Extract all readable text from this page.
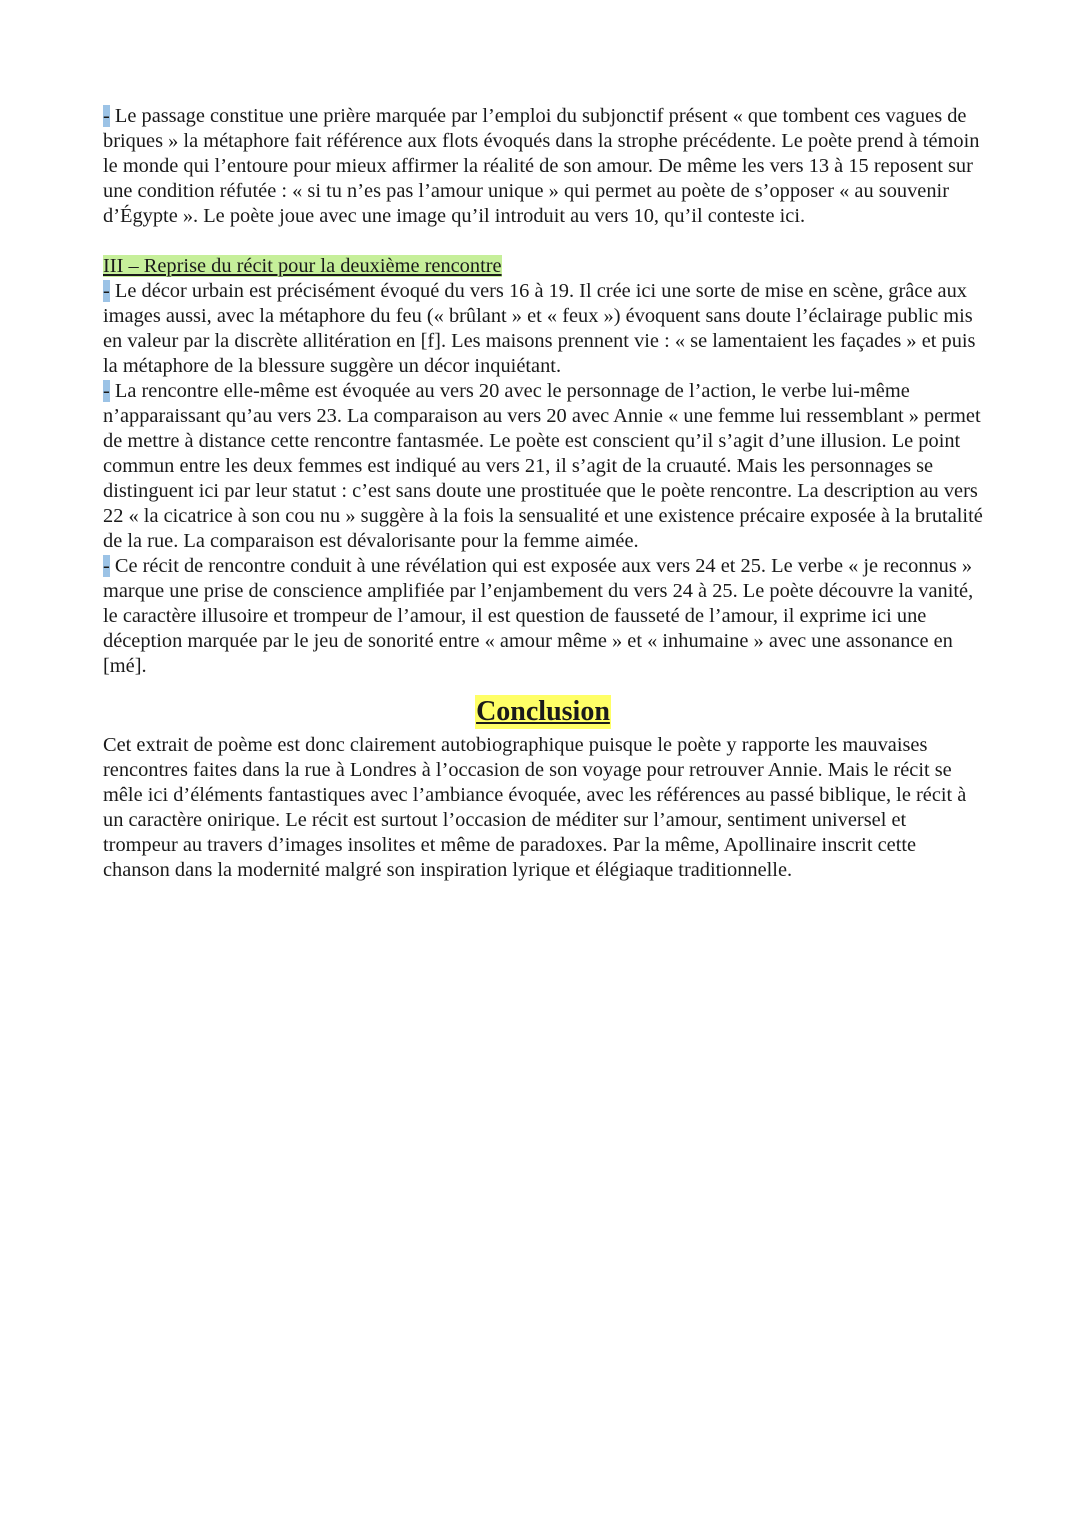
- Le passage constitue une prière marquée par l’emploi du subjonctif présent « que tombent ces vagues de briques » la métaphore fait référence aux flots évoqués dans la strophe précédente. Le poète prend à témoin le monde qui l’entoure pour mieux affirmer la réalité de son amour. De même les vers 13 à 15 reposent sur une condition réfutée : « si tu n’es pas l’amour unique » qui permet au poète de s’opposer « au souvenir d’Égypte ». Le poète joue avec une image qu’il introduit au vers 10, qu’il conteste ici.

III – Reprise du récit pour la deuxième rencontre

- Le décor urbain est précisément évoqué du vers 16 à 19. Il crée ici une sorte de mise en scène, grâce aux images aussi, avec la métaphore du feu (« brûlant » et « feux ») évoquent sans doute l’éclairage public mis en valeur par la discrète allitération en [f]. Les maisons prennent vie : « se lamentaient les façades » et puis la métaphore de la blessure suggère un décor inquiétant.

- La rencontre elle-même est évoquée au vers 20 avec le personnage de l’action, le verbe lui-même n’apparaissant qu’au vers 23. La comparaison au vers 20 avec Annie « une femme lui ressemblant » permet de mettre à distance cette rencontre fantasmée. Le poète est conscient qu’il s’agit d’une illusion. Le point commun entre les deux femmes est indiqué au vers 21, il s’agit de la cruauté. Mais les personnages se distinguent ici par leur statut : c’est sans doute une prostituée que le poète rencontre. La description au vers 22 « la cicatrice à son cou nu » suggère à la fois la sensualité et une existence précaire exposée à la brutalité de la rue. La comparaison est dévalorisante pour la femme aimée.

- Ce récit de rencontre conduit à une révélation qui est exposée aux vers 24 et 25. Le verbe « je reconnus » marque une prise de conscience amplifiée par l’enjambement du vers 24 à 25. Le poète découvre la vanité, le caractère illusoire et trompeur de l’amour, il est question de fausseté de l’amour, il exprime ici une déception marquée par le jeu de sonorité entre « amour même » et « inhumaine » avec une assonance en [mé].

Conclusion

Cet extrait de poème est donc clairement autobiographique puisque le poète y rapporte les mauvaises rencontres faites dans la rue à Londres à l’occasion de son voyage pour retrouver Annie. Mais le récit se mêle ici d’éléments fantastiques avec l’ambiance évoquée, avec les références au passé biblique, le récit à un caractère onirique. Le récit est surtout l’occasion de méditer sur l’amour, sentiment universel et trompeur au travers d’images insolites et même de paradoxes. Par la même, Apollinaire inscrit cette chanson dans la modernité malgré son inspiration lyrique et élégiaque traditionnelle.
